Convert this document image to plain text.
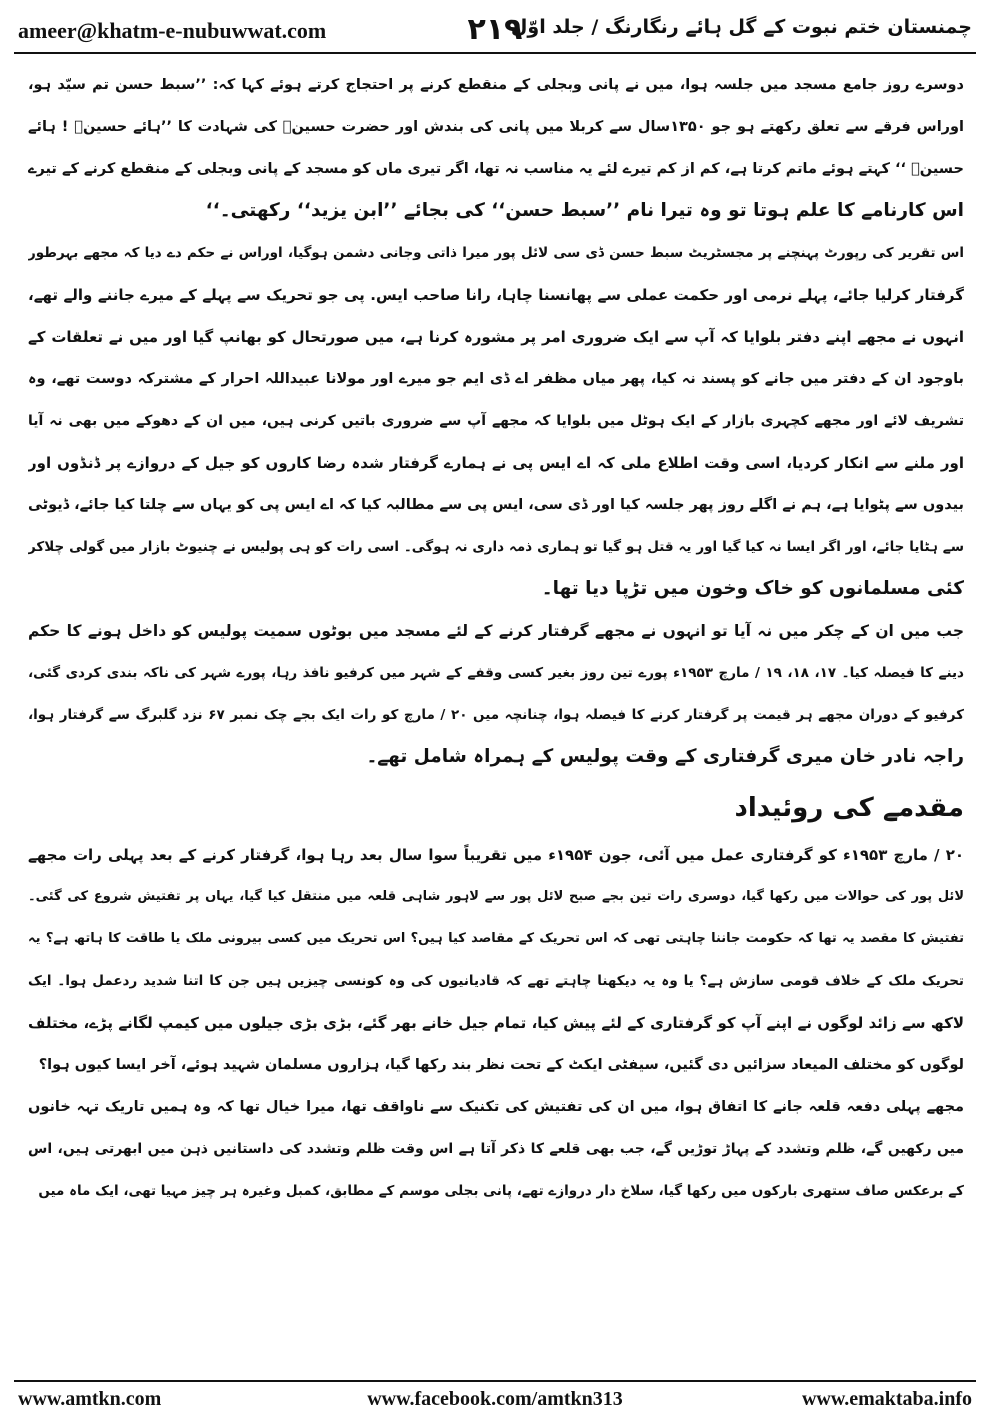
ameer@khatm-e-nubuwwat.com	۲۱۹
چمنستان ختم نبوت کے گل ہائے رنگارنگ / جلد اوّل
دوسرے روز جامع مسجد میں جلسہ ہوا، میں نے پانی وبجلی کے منقطع کرنے پر احتجاج کرتے ہوئے کہا کہ: ’’سبط حسن تم سیّد ہو،
اوراس فرقے سے تعلق رکھتے ہو جو ۱۳۵۰سال سے کربلا میں پانی کی بندش اور حضرت حسینؓ کی شہادت کا ’’ہائے حسینؓ ! ہائے
حسینؓ ‘‘ کہتے ہوئے ماتم کرتا ہے، کم از کم تیرے لئے یہ مناسب نہ تھا، اگر تیری ماں کو مسجد کے پانی وبجلی کے منقطع کرنے کے تیرے
اس کارنامے کا علم ہوتا تو وہ تیرا نام ’’سبط حسن‘‘ کی بجائے ’’ابن یزید‘‘ رکھتی۔‘‘
اس تقریر کی رپورٹ پہنچنے پر مجسٹریٹ سبط حسن ڈی سی لائل پور میرا ذاتی وجانی دشمن ہوگیا، اوراس نے حکم دے دیا کہ مجھے بہرطور
گرفتار کرلیا جائے، پہلے نرمی اور حکمت عملی سے پھانسنا چاہا، رانا صاحب ایس. پی جو تحریک سے پہلے کے میرے جاننے والے تھے،
انہوں نے مجھے اپنے دفتر بلوایا کہ آپ سے ایک ضروری امر پر مشورہ کرنا ہے، میں صورتحال کو بھانپ گیا اور میں نے تعلقات کے
باوجود ان کے دفتر میں جانے کو پسند نہ کیا، پھر میاں مظفر اے ڈی ایم جو میرے اور مولانا عبیداللہ احرار کے مشترکہ دوست تھے، وہ
تشریف لائے اور مجھے کچہری بازار کے ایک ہوٹل میں بلوایا کہ مجھے آپ سے ضروری باتیں کرنی ہیں، میں ان کے دھوکے میں بھی نہ آیا
اور ملنے سے انکار کردیا، اسی وقت اطلاع ملی کہ اے ایس پی نے ہمارے گرفتار شدہ رضا کاروں کو جیل کے دروازے پر ڈنڈوں اور
بیدوں سے پٹوایا ہے، ہم نے اگلے روز پھر جلسہ کیا اور ڈی سی، ایس پی سے مطالبہ کیا کہ اے ایس پی کو یہاں سے چلتا کیا جائے، ڈیوٹی
سے ہٹایا جائے، اور اگر ایسا نہ کیا گیا اور یہ قتل ہو گیا تو ہماری ذمہ داری نہ ہوگی۔ اسی رات کو ہی پولیس نے چنیوٹ بازار میں گولی چلاکر
کئی مسلمانوں کو خاک وخون میں تڑپا دیا تھا۔
جب میں ان کے چکر میں نہ آیا تو انہوں نے مجھے گرفتار کرنے کے لئے مسجد میں بوٹوں سمیت پولیس کو داخل ہونے کا حکم
دینے کا فیصلہ کیا۔ ۱۷، ۱۸، ۱۹ / مارچ ۱۹۵۳ء پورے تین روز بغیر کسی وقفے کے شہر میں کرفیو نافذ رہا، پورے شہر کی ناکہ بندی کردی گئی،
کرفیو کے دوران مجھے ہر قیمت پر گرفتار کرنے کا فیصلہ ہوا، چنانچہ میں ۲۰ / مارچ کو رات ایک بجے چک نمبر ۶۷ نزد گلبرگ سے گرفتار ہوا،
راجہ نادر خان میری گرفتاری کے وقت پولیس کے ہمراہ شامل تھے۔
مقدمے کی روئیداد
۲۰ / مارچ ۱۹۵۳ء کو گرفتاری عمل میں آئی، جون ۱۹۵۴ء میں تقریباً سوا سال بعد رہا ہوا، گرفتار کرنے کے بعد پہلی رات مجھے
لائل پور کی حوالات میں رکھا گیا، دوسری رات تین بجے صبح لائل پور سے لاہور شاہی قلعہ میں منتقل کیا گیا، یہاں پر تفتیش شروع کی گئی۔
تفتیش کا مقصد یہ تھا کہ حکومت جاننا چاہتی تھی کہ اس تحریک کے مقاصد کیا ہیں؟ اس تحریک میں کسی بیرونی ملک یا طاقت کا ہاتھ ہے؟ یہ
تحریک ملک کے خلاف قومی سازش ہے؟ یا وہ یہ دیکھنا چاہتے تھے کہ قادیانیوں کی وہ کونسی چیزیں ہیں جن کا اتنا شدید ردعمل ہوا۔ ایک
لاکھ سے زائد لوگوں نے اپنے آپ کو گرفتاری کے لئے پیش کیا، تمام جیل خانے بھر گئے، بڑی بڑی جیلوں میں کیمپ لگانے پڑے، مختلف
لوگوں کو مختلف المیعاد سزائیں دی گئیں، سیفٹی ایکٹ کے تحت نظر بند رکھا گیا، ہزاروں مسلمان شہید ہوئے، آخر ایسا کیوں ہوا؟
مجھے پہلی دفعہ قلعہ جانے کا اتفاق ہوا، میں ان کی تفتیش کی تکنیک سے ناواقف تھا، میرا خیال تھا کہ وہ ہمیں تاریک تہہ خانوں
میں رکھیں گے، ظلم وتشدد کے پہاڑ توڑیں گے، جب بھی قلعے کا ذکر آتا ہے اس وقت ظلم وتشدد کی داستانیں ذہن میں ابھرتی ہیں، اس
کے برعکس صاف ستھری بارکوں میں رکھا گیا، سلاخ دار دروازے تھے، پانی بجلی موسم کے مطابق، کمبل وغیرہ ہر چیز مہیا تھی، ایک ماہ میں
www.amtkn.com	www.facebook.com/amtkn313	www.emaktaba.info
